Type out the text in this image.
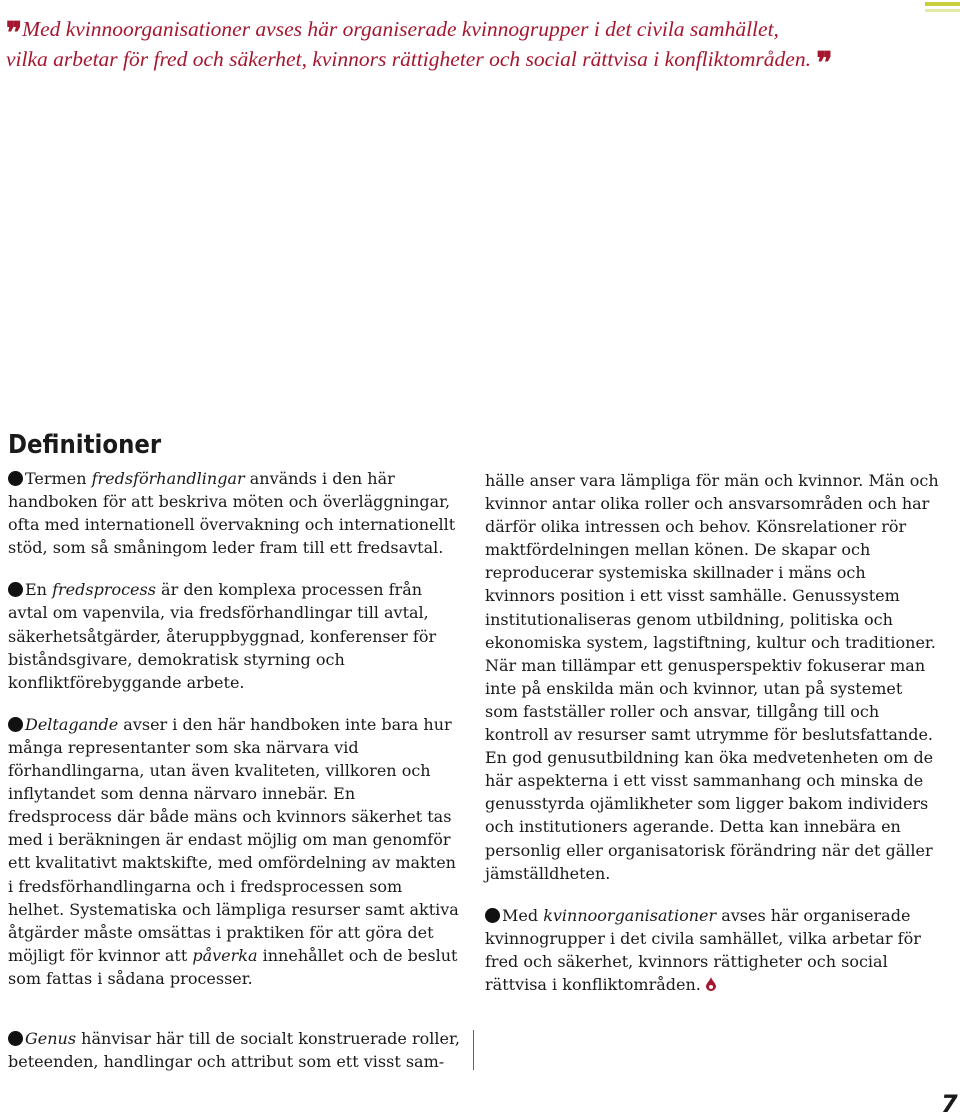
❞Med kvinnoorganisationer avses här organiserade kvinnogrupper i det civila samhället,
vilka arbetar för fred och säkerhet, kvinnors rättigheter och social rättvisa i konfliktområden. ❞
Definitioner

Termen fredsförhandlingar används i den här handboken för att beskriva möten och överläggningar, ofta med internationell övervakning och internationellt stöd, som så småningom leder fram till ett fredsavtal.

En fredsprocess är den komplexa processen från avtal om vapenvila, via fredsförhandlingar till avtal, säkerhetsåtgärder, återuppbyggnad, konferenser för biståndsgivare, demokratisk styrning och konfliktförebyggande arbete.

Deltagande avser i den här handboken inte bara hur många representanter som ska närvara vid förhandlingarna, utan även kvaliteten, villkoren och inflytandet som denna närvaro innebär. En fredsprocess där både mäns och kvinnors säkerhet tas med i beräkningen är endast möjlig om man genomför ett kvalitativt maktskifte, med omfördelning av makten i fredsförhandlingarna och i fredsprocessen som helhet. Systematiska och lämpliga resurser samt aktiva åtgärder måste omsättas i praktiken för att göra det möjligt för kvinnor att påverka innehållet och de beslut som fattas i sådana processer.

Genus hänvisar här till de socialt konstruerade roller, beteenden, handlingar och attribut som ett visst sam-

hälle anser vara lämpliga för män och kvinnor. Män och kvinnor antar olika roller och ansvarsområden och har därför olika intressen och behov. Könsrelationer rör maktfördelningen mellan könen. De skapar och reproducerar systemiska skillnader i mäns och kvinnors position i ett visst samhälle. Genussystem institutionaliseras genom utbildning, politiska och ekonomiska system, lagstiftning, kultur och traditioner. När man tillämpar ett genusperspektiv fokuserar man inte på enskilda män och kvinnor, utan på systemet som fastställer roller och ansvar, tillgång till och kontroll av resurser samt utrymme för beslutsfattande. En god genusutbildning kan öka medvetenheten om de här aspekterna i ett visst sammanhang och minska de genusstyrda ojämlikheter som ligger bakom individers och institutioners agerande. Detta kan innebära en personlig eller organisatorisk förändring när det gäller jämställdheten.

Med kvinnoorganisationer avses här organiserade kvinnogrupper i det civila samhället, vilka arbetar för fred och säkerhet, kvinnors rättigheter och social rättvisa i konfliktområden.

7
